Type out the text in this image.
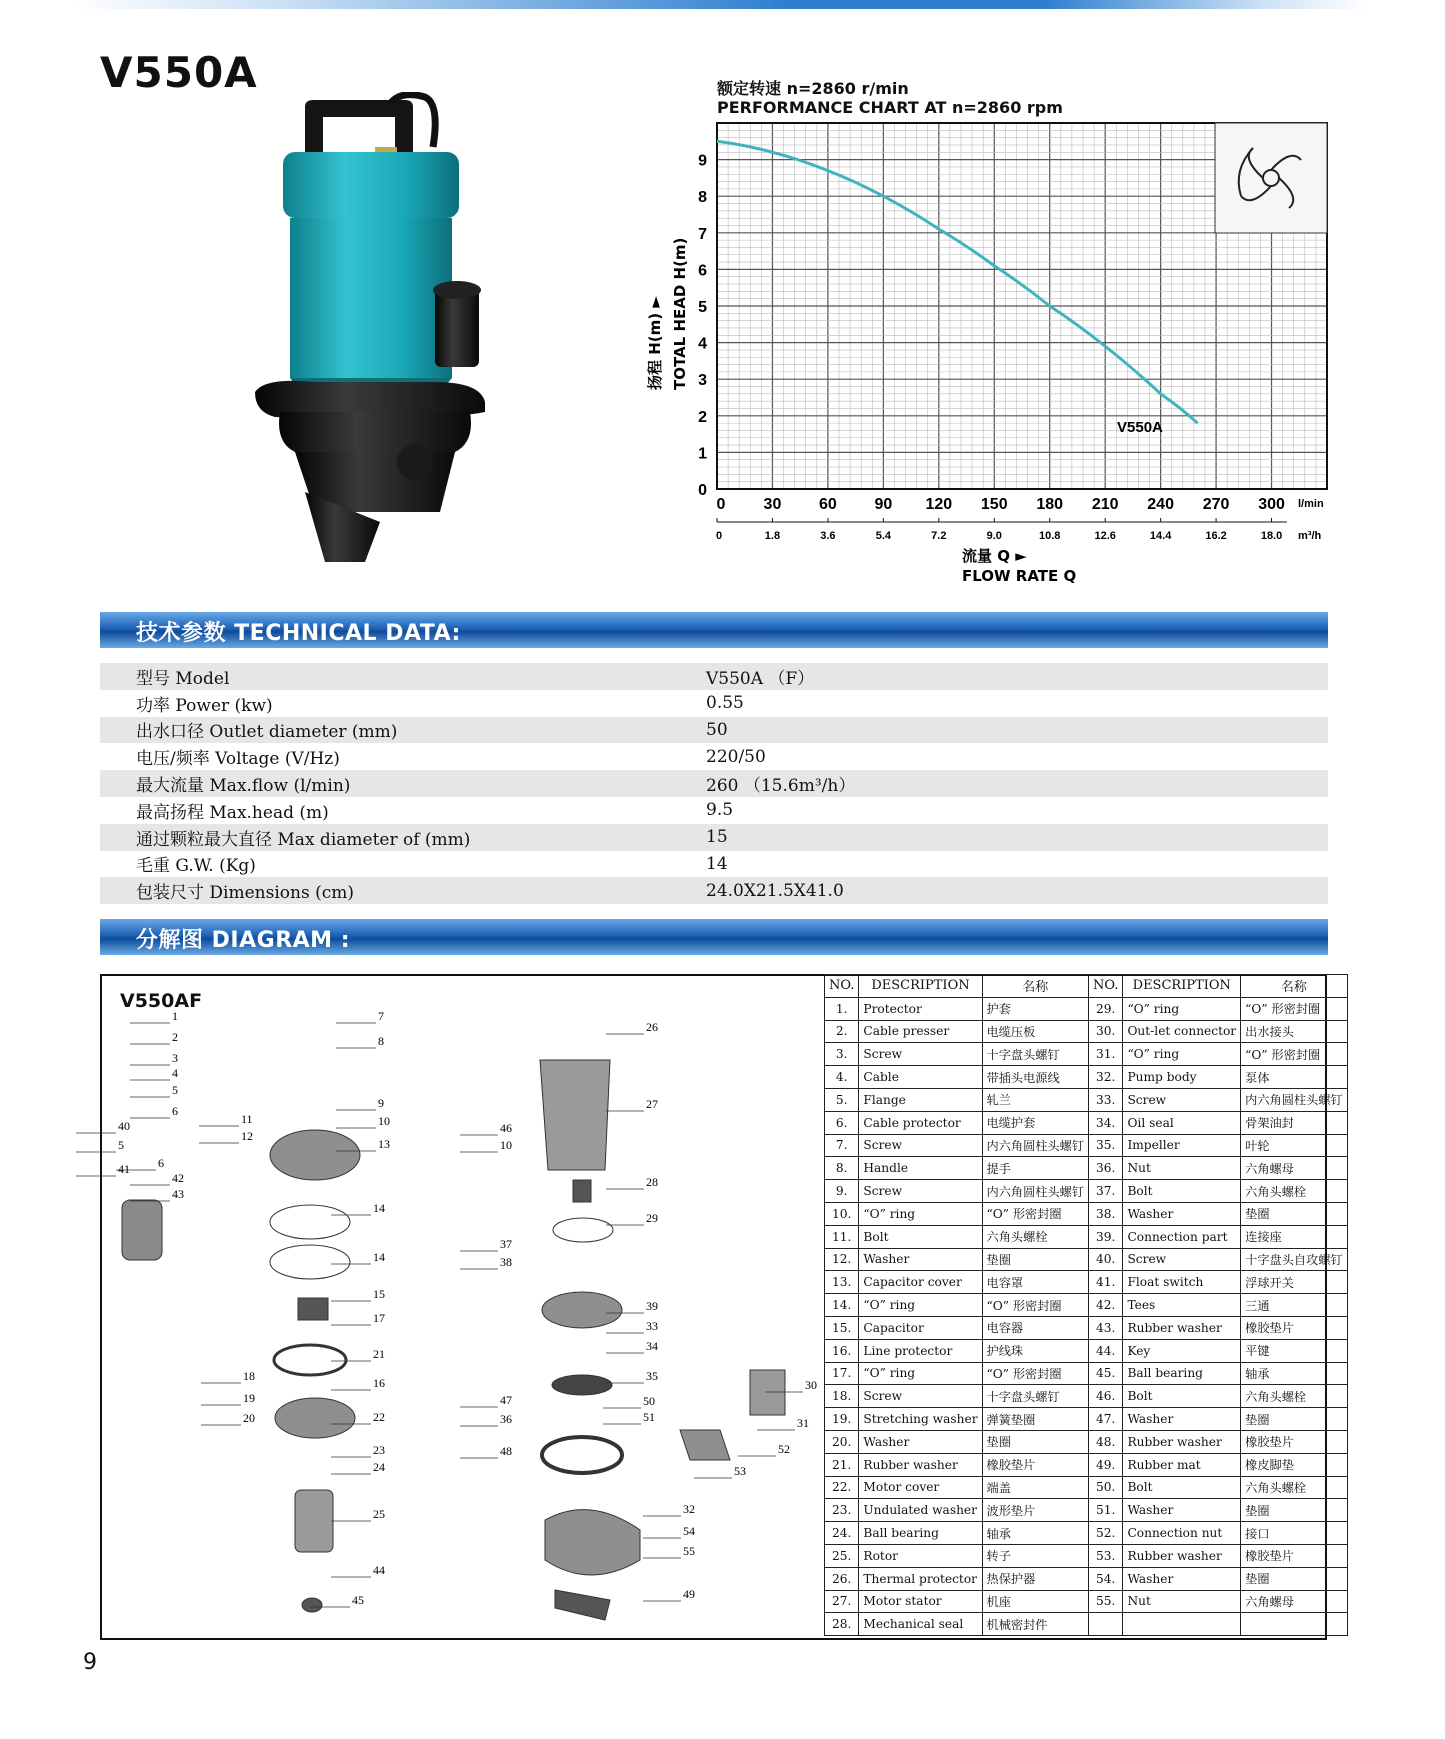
V550A	额定转速 n=2860 r/min
PERFORMANCE CHART AT n=2860 rpm
0
1
2
3
4
5
6
7
8
9
0 30 60 90 120 150 180 210 240 270 300
0	1.8	3.6	5.4	7.2	9.0	10.8	12.6	14.4	16.2	18.0
V550A
l/min
m³/h
流量 Q ►
FLOW RATE Q
扬程 H(m) ► TOTAL HEAD H(m)
技术参数 TECHNICAL DATA:
型号 Model	V550A （F）
功率 Power (kw)	0.55
出水口径 Outlet diameter (mm)	50
电压/频率 Voltage (V/Hz)	220/50
最大流量 Max.flow (l/min)	260 （15.6m³/h）
最高扬程 Max.head (m)	9.5
通过颗粒最大直径 Max diameter of (mm)	15
毛重 G.W. (Kg)	14
包装尺寸 Dimensions (cm)	24.0X21.5X41.0
分解图 DIAGRAM :
V550AF
1
2
3
4
5
6
40
5
41 6
42
43
11
12
7
8
9
10
13
14
14
15
17
21
18
19
20
16
22
23
24
25
44
45
26
27
46
10
28
29
37
38
39
33
34
35
47
36
48
50
51
30
31
52
53
32
54
55
49
NO.	DESCRIPTION	名称	NO.	DESCRIPTION	名称
1.	Protector	护套	29.	“O” ring	“O” 形密封圈
2.	Cable presser	电缆压板	30.	Out-let connector	出水接头
3.	Screw	十字盘头螺钉	31.	“O” ring	“O” 形密封圈
4.	Cable	带插头电源线	32.	Pump body	泵体
5.	Flange	轧兰	33.	Screw	内六角圆柱头螺钉
6.	Cable protector	电缆护套	34.	Oil seal	骨架油封
7.	Screw	内六角圆柱头螺钉	35.	Impeller	叶轮
8.	Handle	提手	36.	Nut	六角螺母
9.	Screw	内六角圆柱头螺钉	37.	Bolt	六角头螺栓
10.	“O” ring	“O” 形密封圈	38.	Washer	垫圈
11.	Bolt	六角头螺栓	39.	Connection part	连接座
12.	Washer	垫圈	40.	Screw	十字盘头自攻螺钉
13.	Capacitor cover	电容罩	41.	Float switch	浮球开关
14.	“O” ring	“O” 形密封圈	42.	Tees	三通
15.	Capacitor	电容器	43.	Rubber washer	橡胶垫片
16.	Line protector	护线珠	44.	Key	平键
17.	“O” ring	“O” 形密封圈	45.	Ball bearing	轴承
18.	Screw	十字盘头螺钉	46.	Bolt	六角头螺栓
19.	Stretching washer	弹簧垫圈	47.	Washer	垫圈
20.	Washer	垫圈	48.	Rubber washer	橡胶垫片
21.	Rubber washer	橡胶垫片	49.	Rubber mat	橡皮脚垫
22.	Motor cover	端盖	50.	Bolt	六角头螺栓
23.	Undulated washer	波形垫片	51.	Washer	垫圈
24.	Ball bearing	轴承	52.	Connection nut	接口
25.	Rotor	转子	53.	Rubber washer	橡胶垫片
26.	Thermal protector	热保护器	54.	Washer	垫圈
27.	Motor stator	机座	55.	Nut	六角螺母
28.	Mechanical seal	机械密封件			
9
